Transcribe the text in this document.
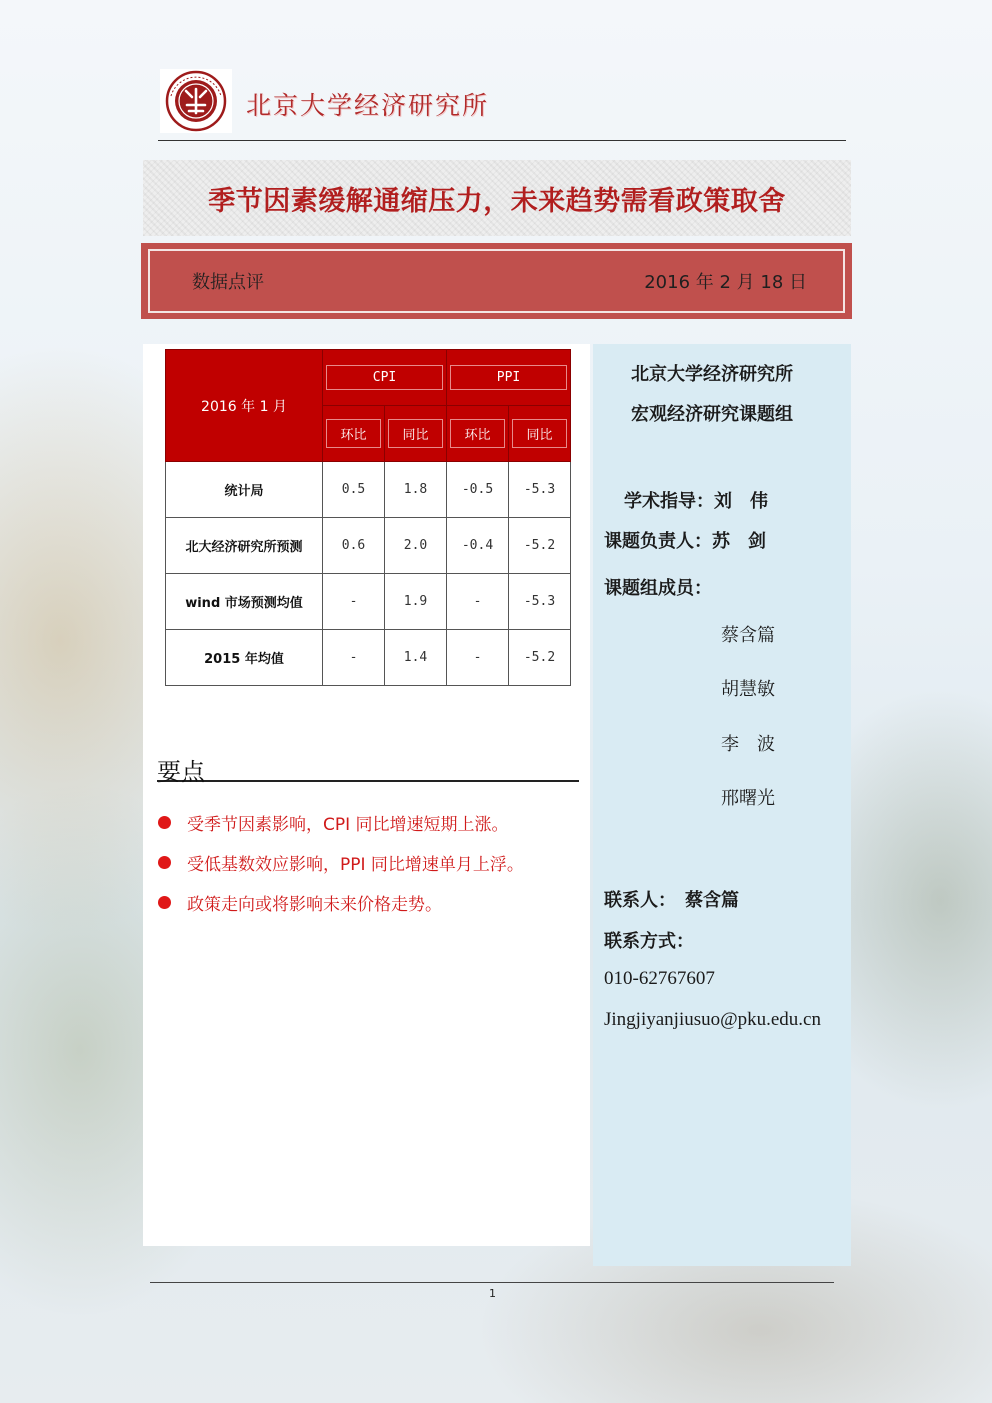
北京大学经济研究所
季节因素缓解通缩压力，未来趋势需看政策取舍
数据点评	2016 年 2 月 18 日
2016 年 1 月	CPI		PPI	

	环比	同比	环比	同比

统计局	0.5	1.8	-0.5	-5.3
北大经济研究所预测	0.6	2.0	-0.4	-5.2
wind 市场预测均值	-	1.9	-	-5.3
2015 年均值	-	1.4	-	-5.2
要点
受季节因素影响，CPI 同比增速短期上涨。
受低基数效应影响，PPI 同比增速单月上浮。
政策走向或将影响未来价格走势。
北京大学经济研究所
宏观经济研究课题组
学术指导：刘　伟
课题负责人：苏　剑
课题组成员：
蔡含篇
胡慧敏
李　波
邢曙光
联系人：　蔡含篇
联系方式：
010-62767607
Jingjiyanjiusuo@pku.edu.cn
1
